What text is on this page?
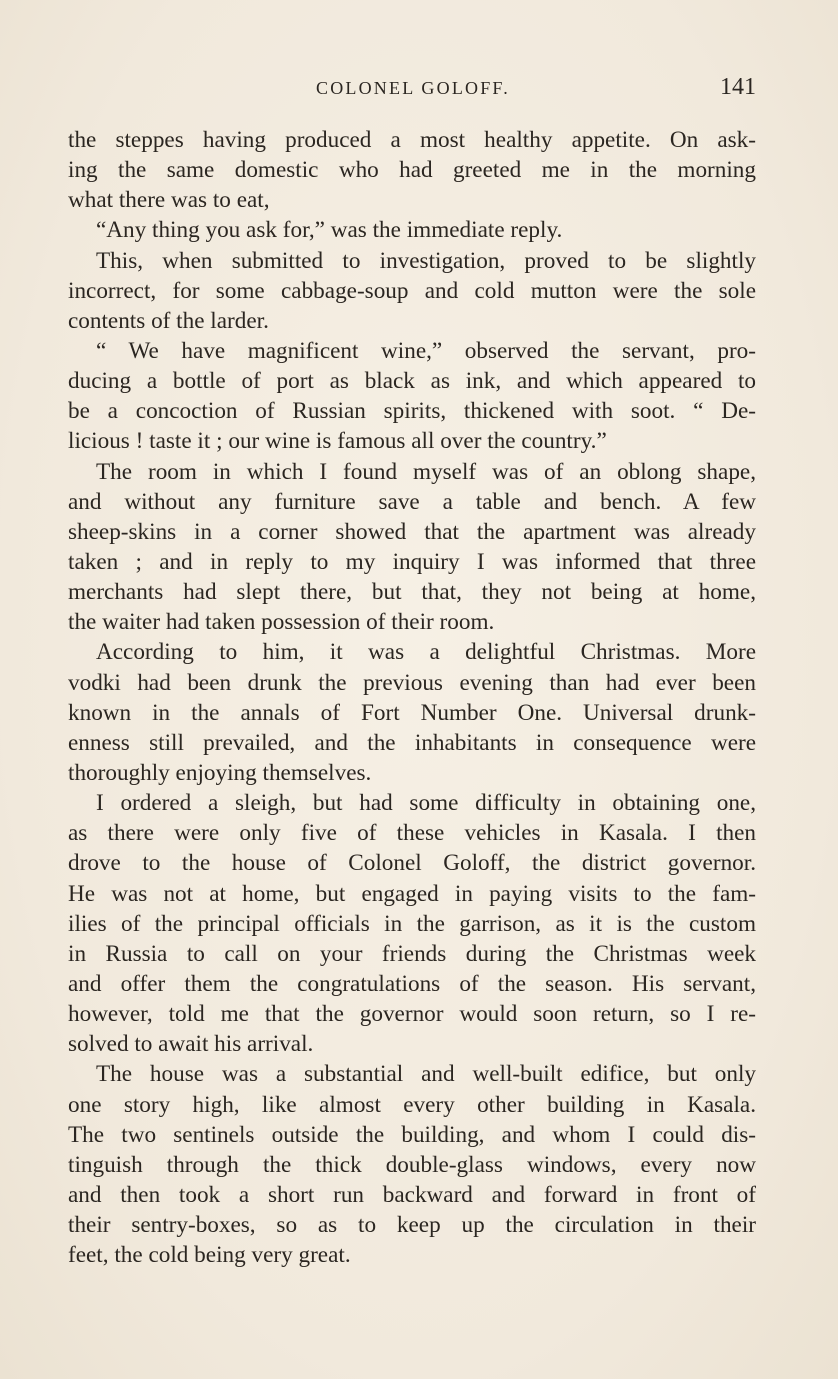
COLONEL GOLOFF.	141
the steppes having produced a most healthy appetite. On ask-
ing the same domestic who had greeted me in the morning
what there was to eat,
“Any thing you ask for,” was the immediate reply.
This, when submitted to investigation, proved to be slightly
incorrect, for some cabbage-soup and cold mutton were the sole
contents of the larder.
“ We have magnificent wine,” observed the servant, pro-
ducing a bottle of port as black as ink, and which appeared to
be a concoction of Russian spirits, thickened with soot. “ De-
licious ! taste it ; our wine is famous all over the country.”
The room in which I found myself was of an oblong shape,
and without any furniture save a table and bench. A few
sheep-skins in a corner showed that the apartment was already
taken ; and in reply to my inquiry I was informed that three
merchants had slept there, but that, they not being at home,
the waiter had taken possession of their room.
According to him, it was a delightful Christmas. More
vodki had been drunk the previous evening than had ever been
known in the annals of Fort Number One. Universal drunk-
enness still prevailed, and the inhabitants in consequence were
thoroughly enjoying themselves.
I ordered a sleigh, but had some difficulty in obtaining one,
as there were only five of these vehicles in Kasala. I then
drove to the house of Colonel Goloff, the district governor.
He was not at home, but engaged in paying visits to the fam-
ilies of the principal officials in the garrison, as it is the custom
in Russia to call on your friends during the Christmas week
and offer them the congratulations of the season. His servant,
however, told me that the governor would soon return, so I re-
solved to await his arrival.
The house was a substantial and well-built edifice, but only
one story high, like almost every other building in Kasala.
The two sentinels outside the building, and whom I could dis-
tinguish through the thick double-glass windows, every now
and then took a short run backward and forward in front of
their sentry-boxes, so as to keep up the circulation in their
feet, the cold being very great.
